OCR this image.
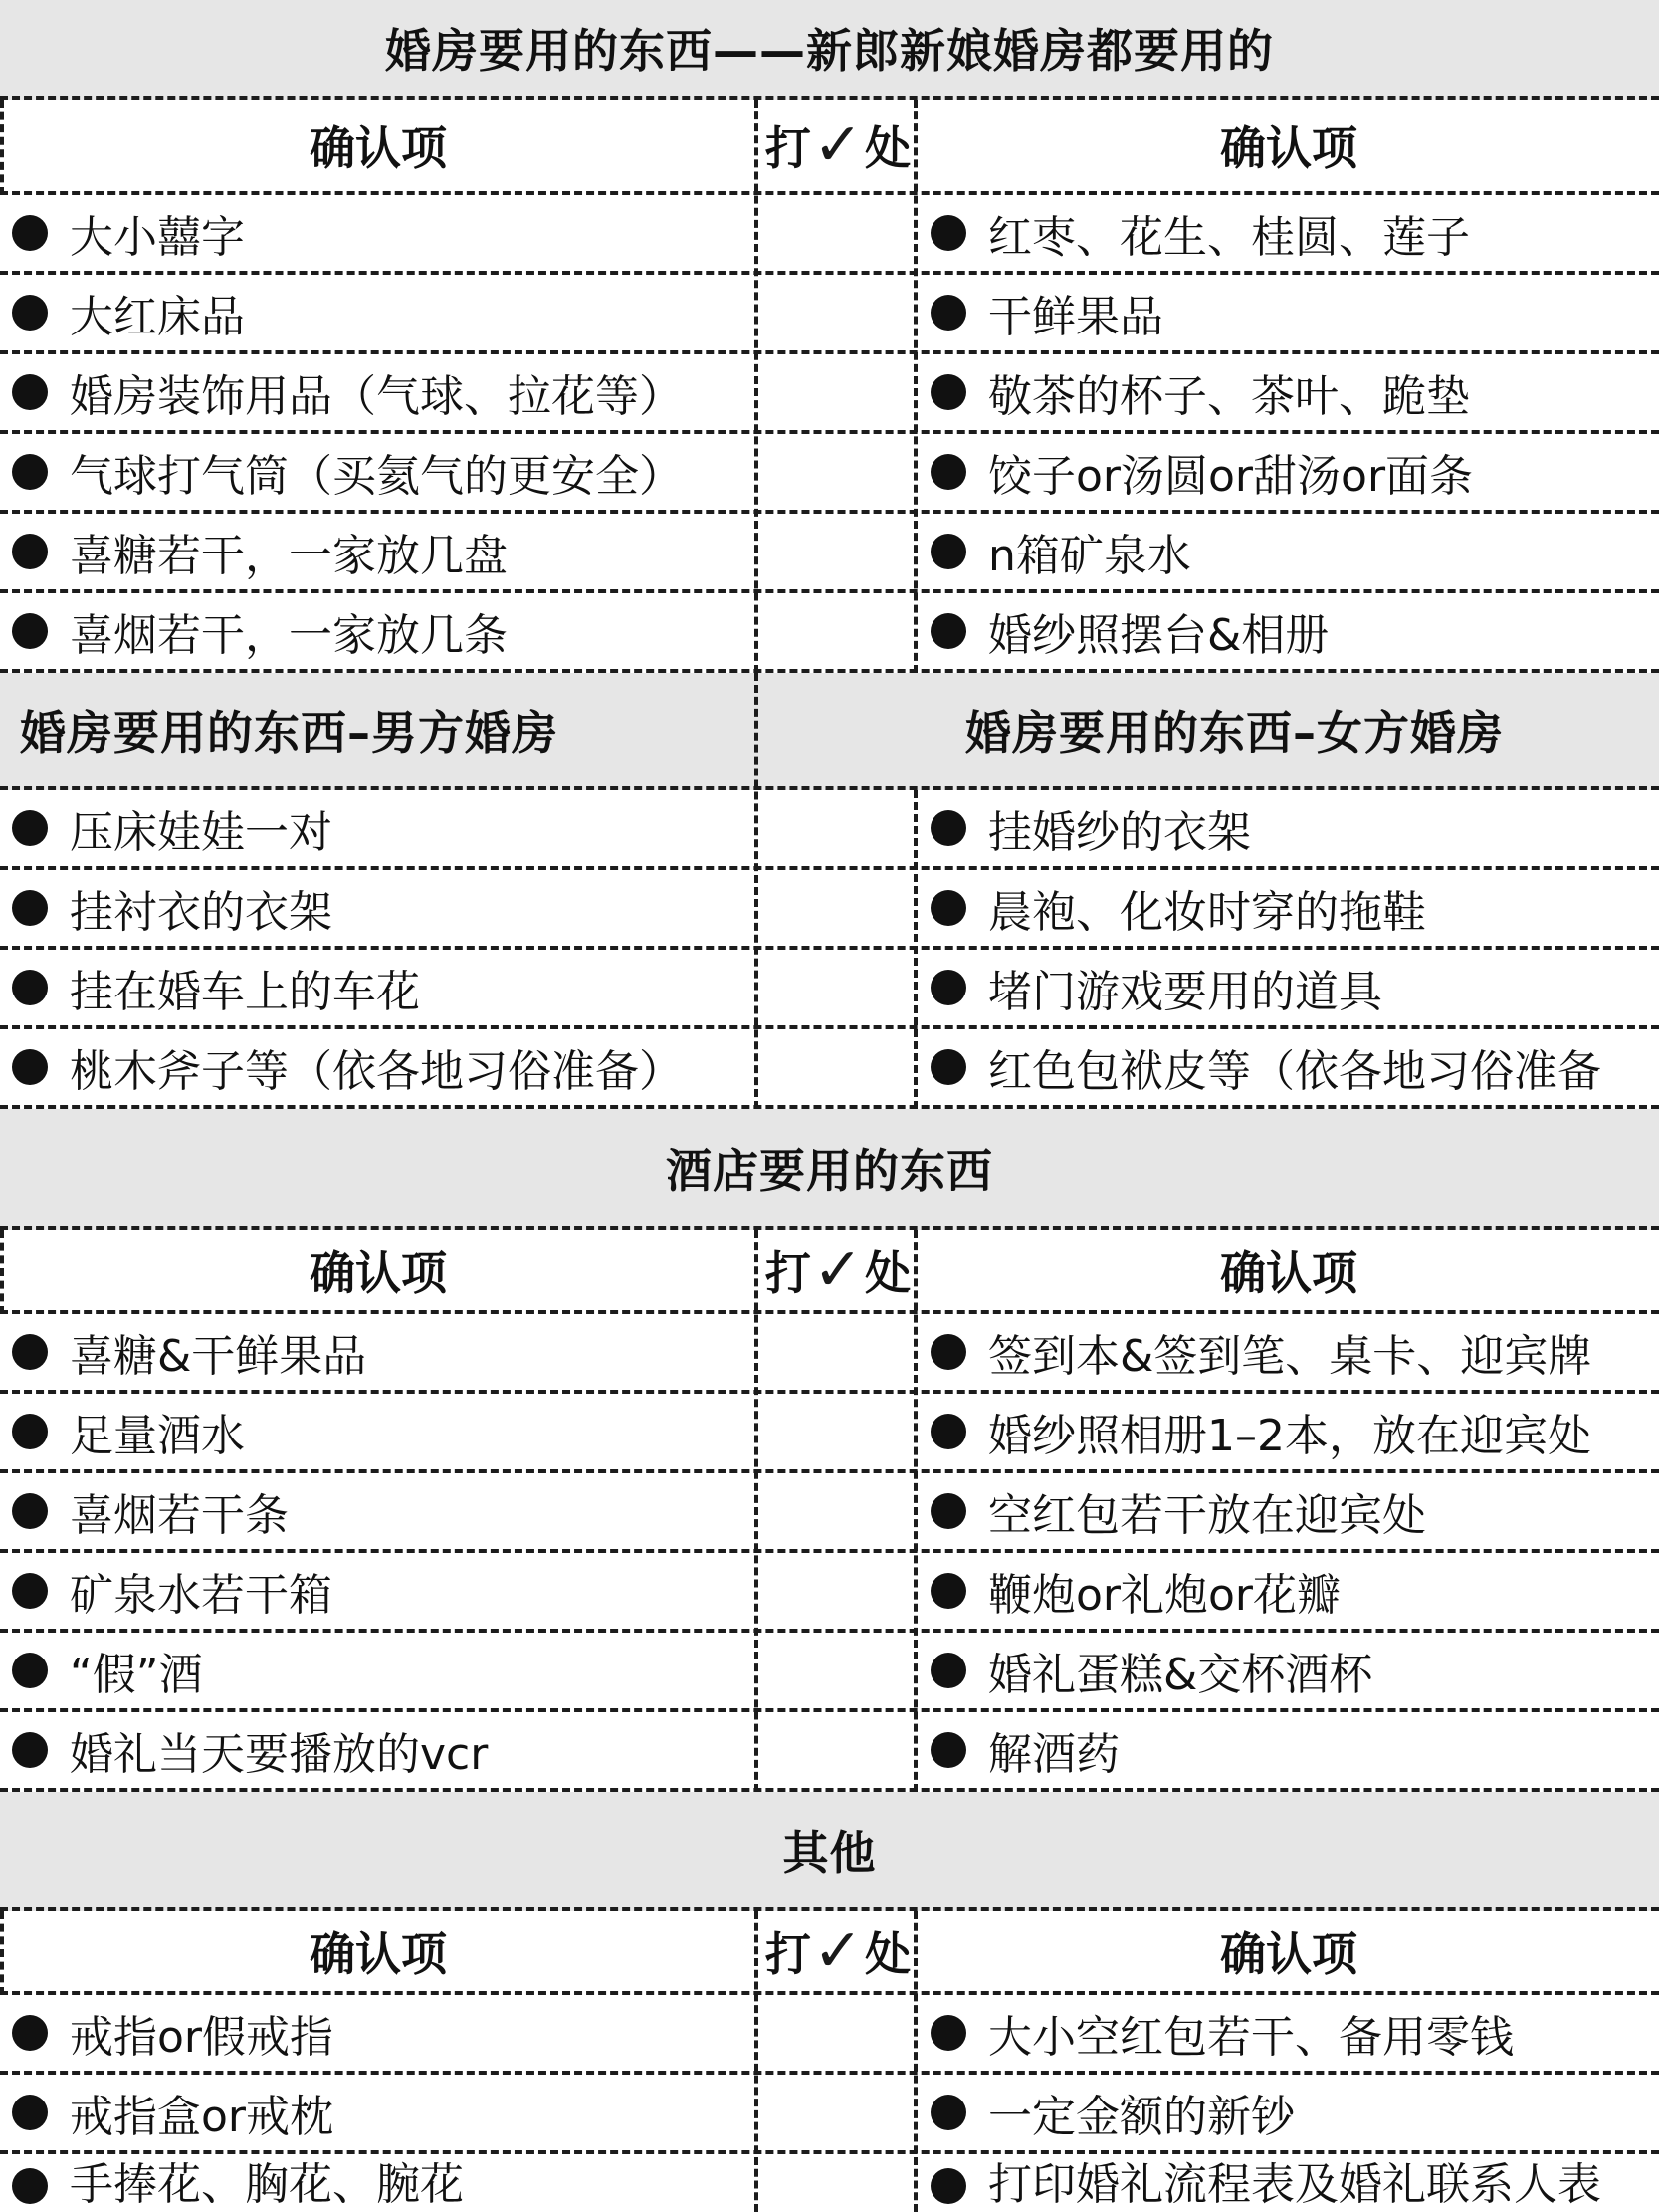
婚房要用的东西——新郎新娘婚房都要用的
确认项	打 ✓ 处	确认项
大小囍字	红枣、花生、桂圆、莲子
大红床品	干鲜果品
婚房装饰用品（气球、拉花等）	敬茶的杯子、茶叶、跪垫
气球打气筒（买氦气的更安全）	饺子or汤圆or甜汤or面条
喜糖若干，一家放几盘	n箱矿泉水
喜烟若干，一家放几条	婚纱照摆台&相册
婚房要用的东西–男方婚房	婚房要用的东西–女方婚房
压床娃娃一对	挂婚纱的衣架
挂衬衣的衣架	晨袍、化妆时穿的拖鞋
挂在婚车上的车花	堵门游戏要用的道具
桃木斧子等（依各地习俗准备）	红色包袱皮等（依各地习俗准备
酒店要用的东西
确认项	打 ✓ 处	确认项
喜糖&干鲜果品	签到本&签到笔、桌卡、迎宾牌
足量酒水	婚纱照相册1–2本，放在迎宾处
喜烟若干条	空红包若干放在迎宾处
矿泉水若干箱	鞭炮or礼炮or花瓣
“假”酒	婚礼蛋糕&交杯酒杯
婚礼当天要播放的vcr	解酒药
其他
确认项	打 ✓ 处	确认项
戒指or假戒指	大小空红包若干、备用零钱
戒指盒or戒枕	一定金额的新钞
手捧花、胸花、腕花	打印婚礼流程表及婚礼联系人表
